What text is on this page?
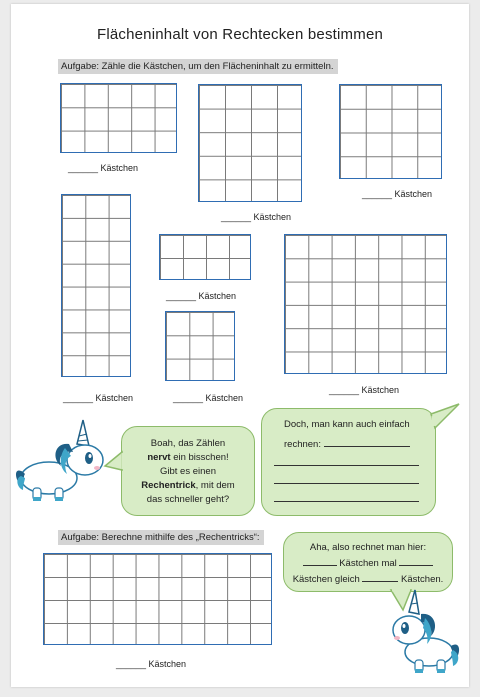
Flächeninhalt von Rechtecken bestimmen
Aufgabe: Zähle die Kästchen, um den Flächeninhalt zu ermitteln.
______ Kästchen
______ Kästchen
______ Kästchen
______ Kästchen
______ Kästchen
______ Kästchen
______ Kästchen
Boah, das Zählen
nervt ein bisschen!
Gibt es einen
Rechentrick, mit dem
das schneller geht?
Doch, man kann auch einfach
rechnen:
Aufgabe: Berechne mithilfe des „Rechentricks“:
Aha, also rechnet man hier:
Kästchen mal
Kästchen gleich	Kästchen.
______ Kästchen
